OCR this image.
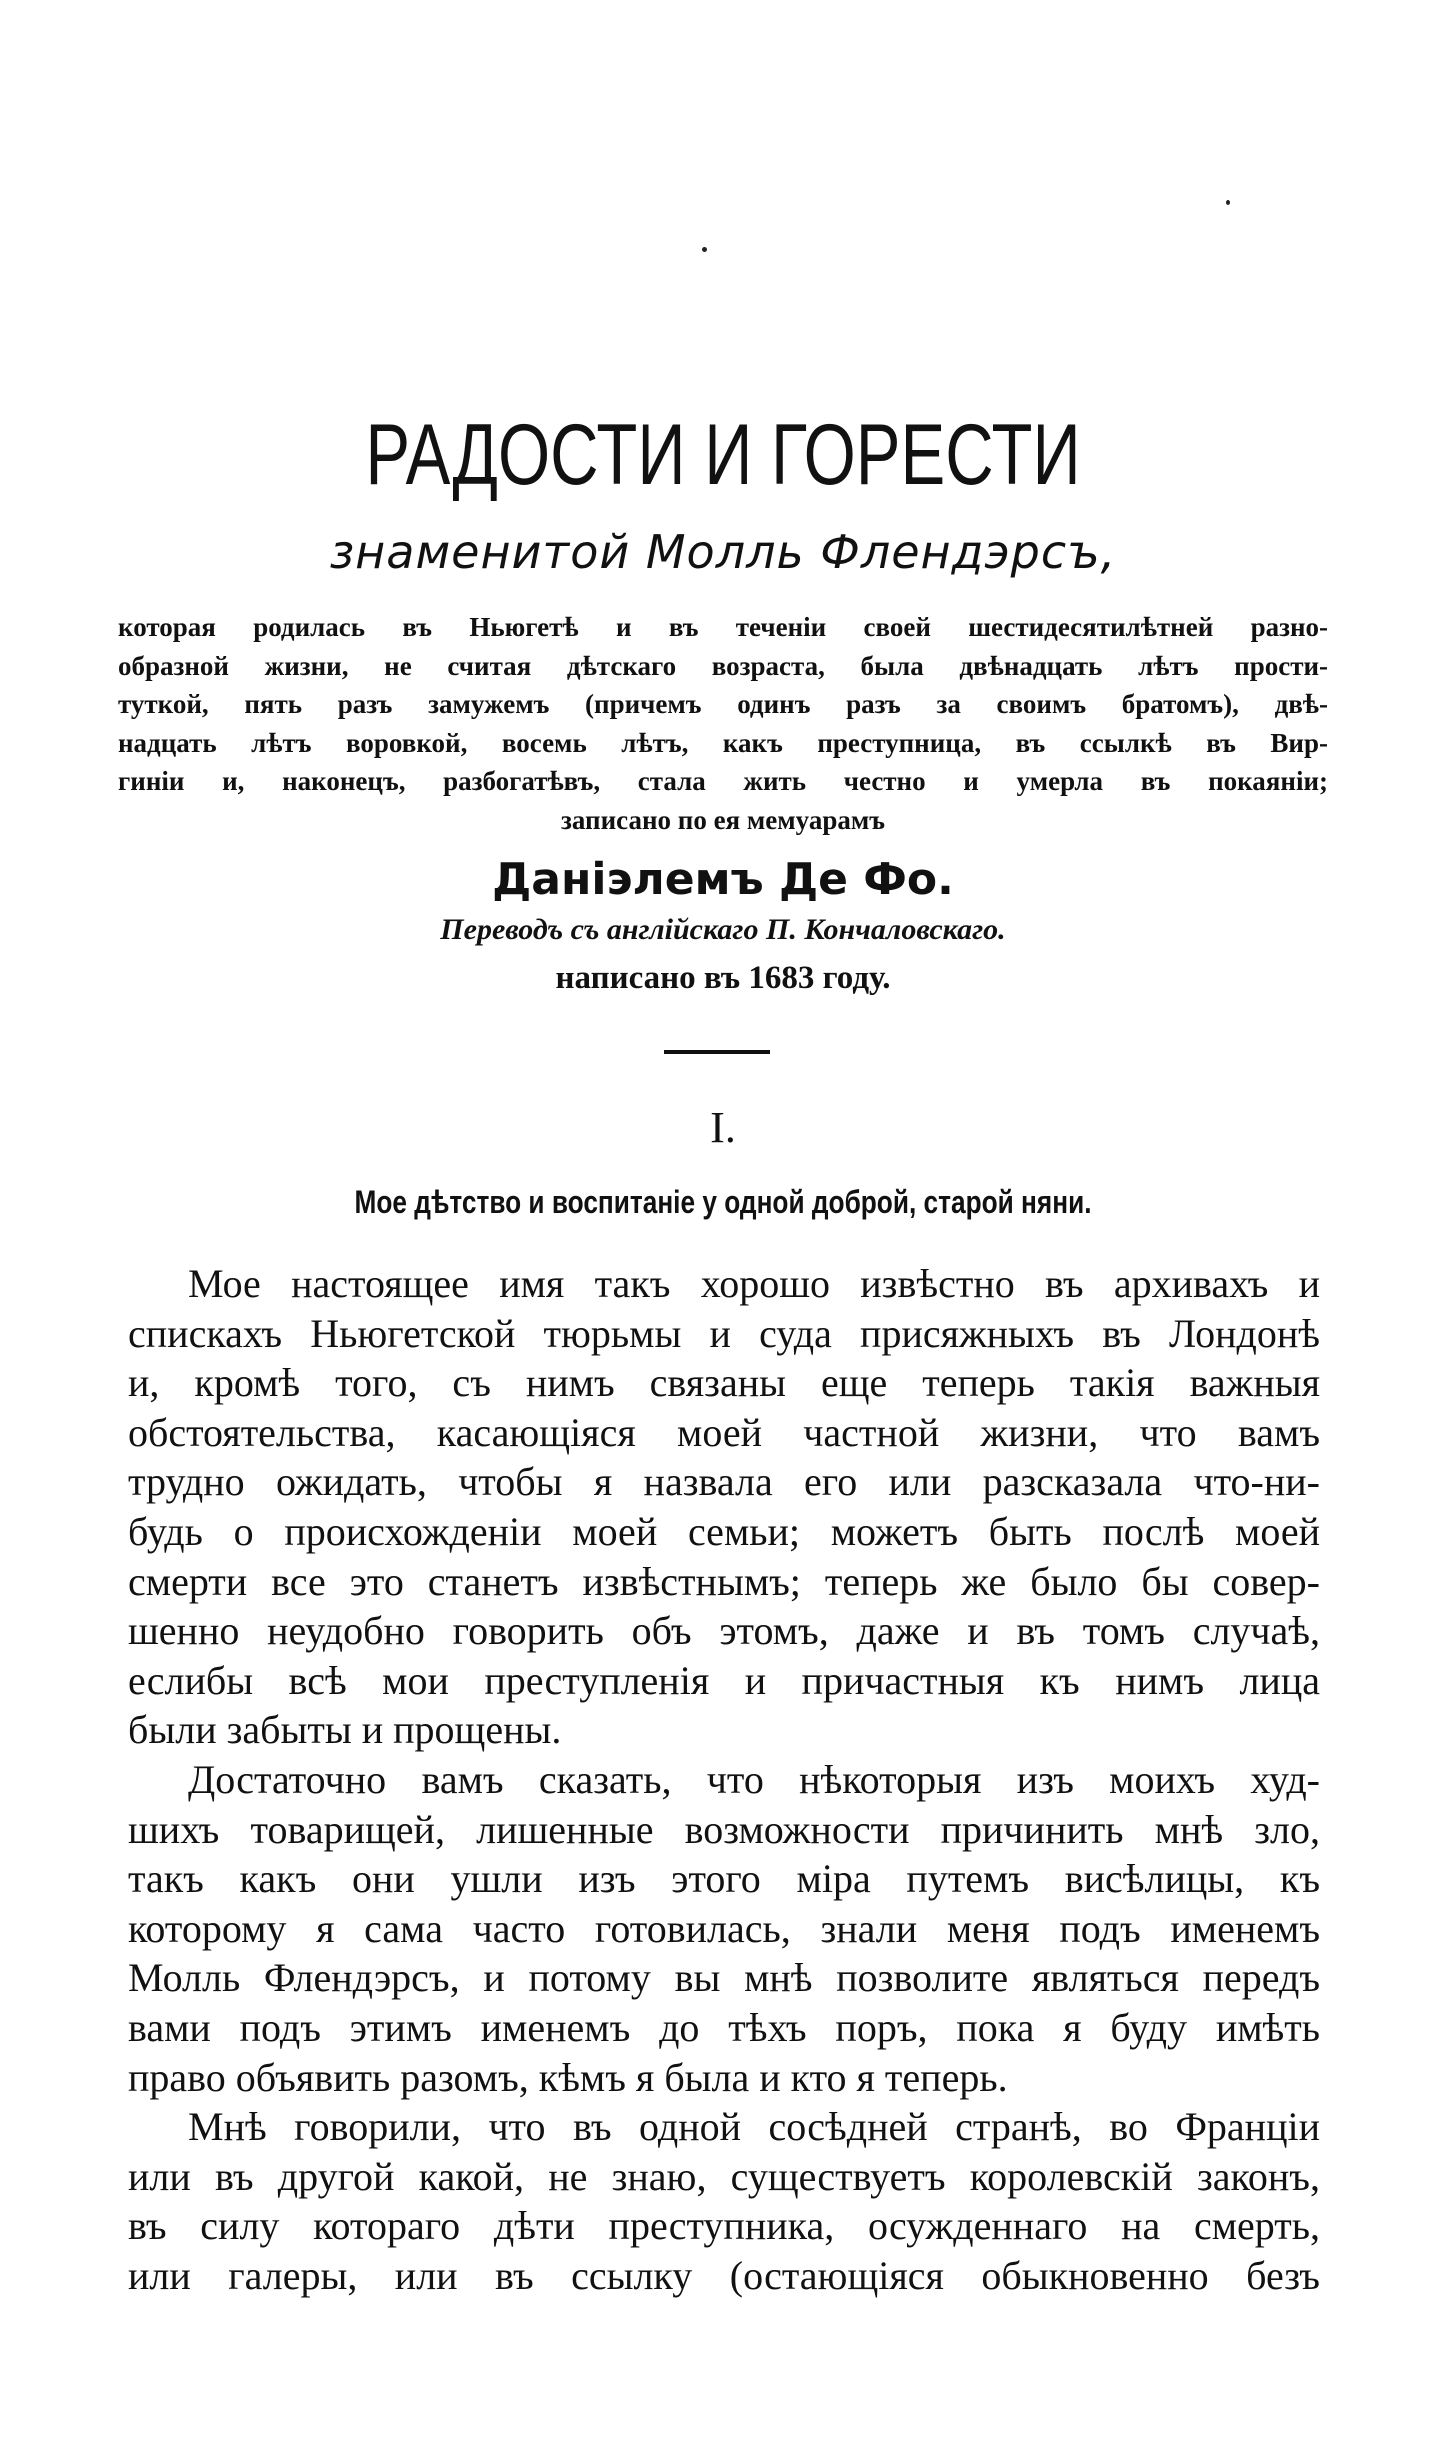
РАДОСТИ И ГОРЕСТИ
знаменитой Молль Флендэрсъ,
которая родилась въ Ньюгетѣ и въ теченіи своей шестидесятилѣтней разно-
образной жизни, не считая дѣтскаго возраста, была двѣнадцать лѣтъ прости-
туткой, пять разъ замужемъ (причемъ одинъ разъ за своимъ братомъ), двѣ-
надцать лѣтъ воровкой, восемь лѣтъ, какъ преступница, въ ссылкѣ въ Вир-
гиніи и, наконецъ, разбогатѣвъ, стала жить честно и умерла въ покаяніи;
записано по ея мемуарамъ
Даніэлемъ Де Фо.
Переводъ съ англійскаго П. Кончаловскаго.
написано въ 1683 году.
I.
Мое дѣтство и воспитаніе у одной доброй, старой няни.
Мое настоящее имя такъ хорошо извѣстно въ архивахъ и
спискахъ Ньюгетской тюрьмы и суда присяжныхъ въ Лондонѣ
и, кромѣ того, съ нимъ связаны еще теперь такія важныя
обстоятельства, касающіяся моей частной жизни, что вамъ
трудно ожидать, чтобы я назвала его или разсказала что-ни-
будь о происхожденіи моей семьи; можетъ быть послѣ моей
смерти все это станетъ извѣстнымъ; теперь же было бы совер-
шенно неудобно говорить объ этомъ, даже и въ томъ случаѣ,
еслибы всѣ мои преступленія и причастныя къ нимъ лица
были забыты и прощены.
Достаточно вамъ сказать, что нѣкоторыя изъ моихъ худ-
шихъ товарищей, лишенные возможности причинить мнѣ зло,
такъ какъ они ушли изъ этого міра путемъ висѣлицы, къ
которому я сама часто готовилась, знали меня подъ именемъ
Молль Флендэрсъ, и потому вы мнѣ позволите являться передъ
вами подъ этимъ именемъ до тѣхъ поръ, пока я буду имѣть
право объявить разомъ, кѣмъ я была и кто я теперь.
Мнѣ говорили, что въ одной сосѣдней странѣ, во Франціи
или въ другой какой, не знаю, существуетъ королевскій законъ,
въ силу котораго дѣти преступника, осужденнаго на смерть,
или галеры, или въ ссылку (остающіяся обыкновенно безъ
